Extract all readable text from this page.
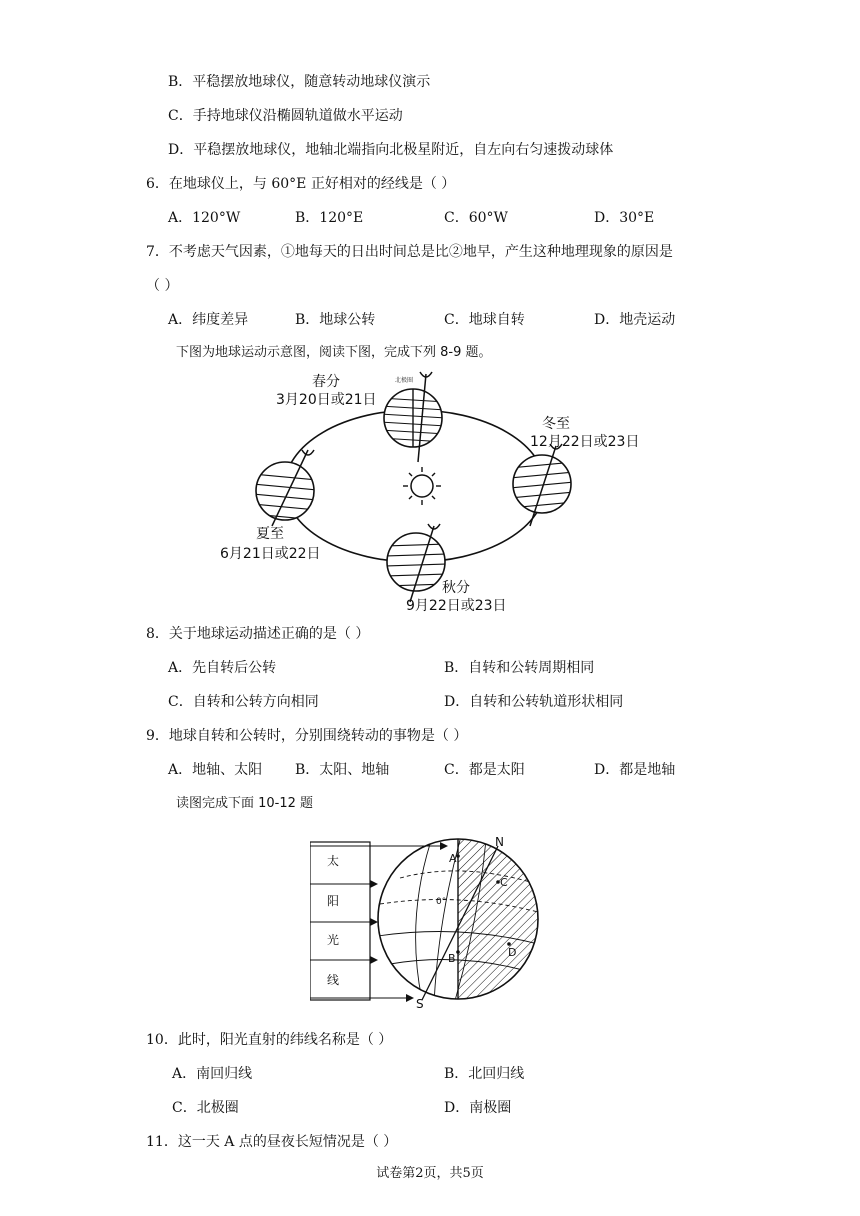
B．平稳摆放地球仪，随意转动地球仪演示
C．手持地球仪沿椭圆轨道做水平运动
D．平稳摆放地球仪，地轴北端指向北极星附近，自左向右匀速拨动球体
6．在地球仪上，与 60°E 正好相对的经线是（ ）
A．120°W	B．120°E	C．60°W	D．30°E
7．不考虑天气因素，①地每天的日出时间总是比②地早，产生这种地理现象的原因是
（ ）
A．纬度差异	B．地球公转	C．地球自转	D．地壳运动
下图为地球运动示意图，阅读下图，完成下列 8-9 题。
北极圈
春分
3月20日或21日
冬至
12月22日或23日
夏至
6月21日或22日
秋分
9月22日或23日
8．关于地球运动描述正确的是（ ）
A．先自转后公转	B．自转和公转周期相同
C．自转和公转方向相同	D．自转和公转轨道形状相同
9．地球自转和公转时，分别围绕转动的事物是（ ）
A．地轴、太阳 B．太阳、地轴	C．都是太阳	D．都是地轴
读图完成下面 10-12 题
太
阳
光
线
N
S
A
B
C
D
0°
10．此时，阳光直射的纬线名称是（ ）
A．南回归线	B．北回归线
C．北极圈	D．南极圈
11．这一天 A 点的昼夜长短情况是（ ）
试卷第2页，共5页
